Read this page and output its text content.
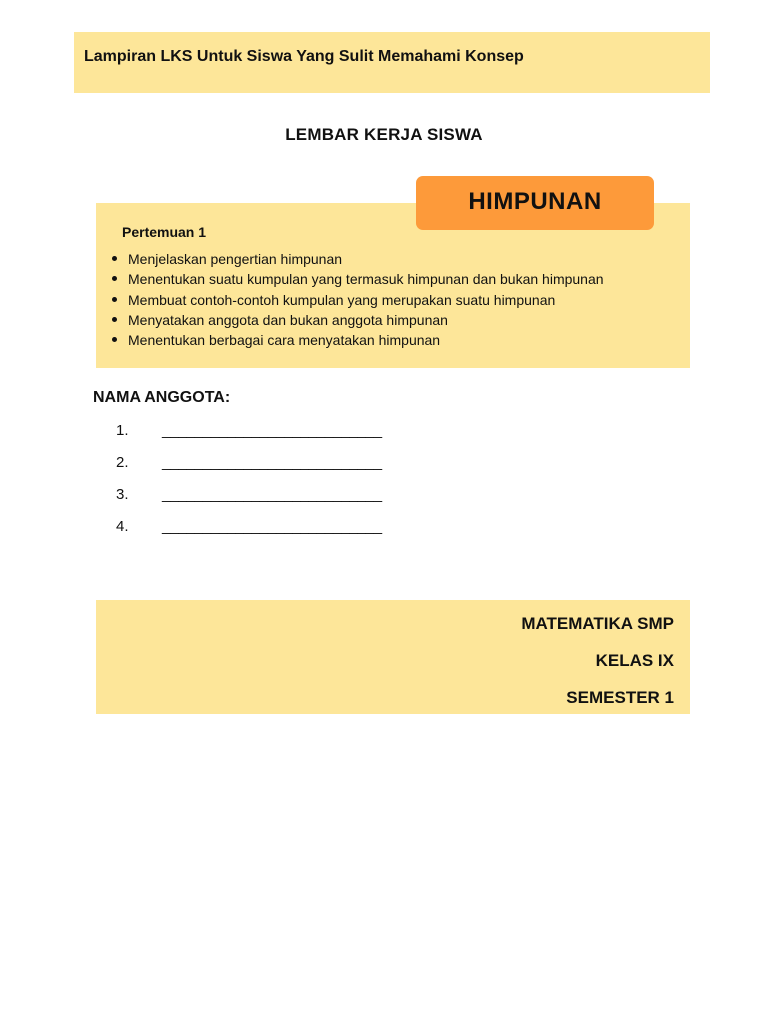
Lampiran LKS Untuk Siswa Yang Sulit Memahami Konsep
LEMBAR KERJA SISWA
HIMPUNAN
Pertemuan 1
Menjelaskan pengertian himpunan
Menentukan suatu kumpulan yang termasuk himpunan dan bukan himpunan
Membuat contoh-contoh kumpulan yang merupakan suatu himpunan
Menyatakan anggota dan bukan anggota himpunan
Menentukan berbagai cara menyatakan himpunan
NAMA ANGGOTA:
1. ___________________________
2. ___________________________
3. ___________________________
4. ___________________________
MATEMATIKA SMP
KELAS IX
SEMESTER 1
